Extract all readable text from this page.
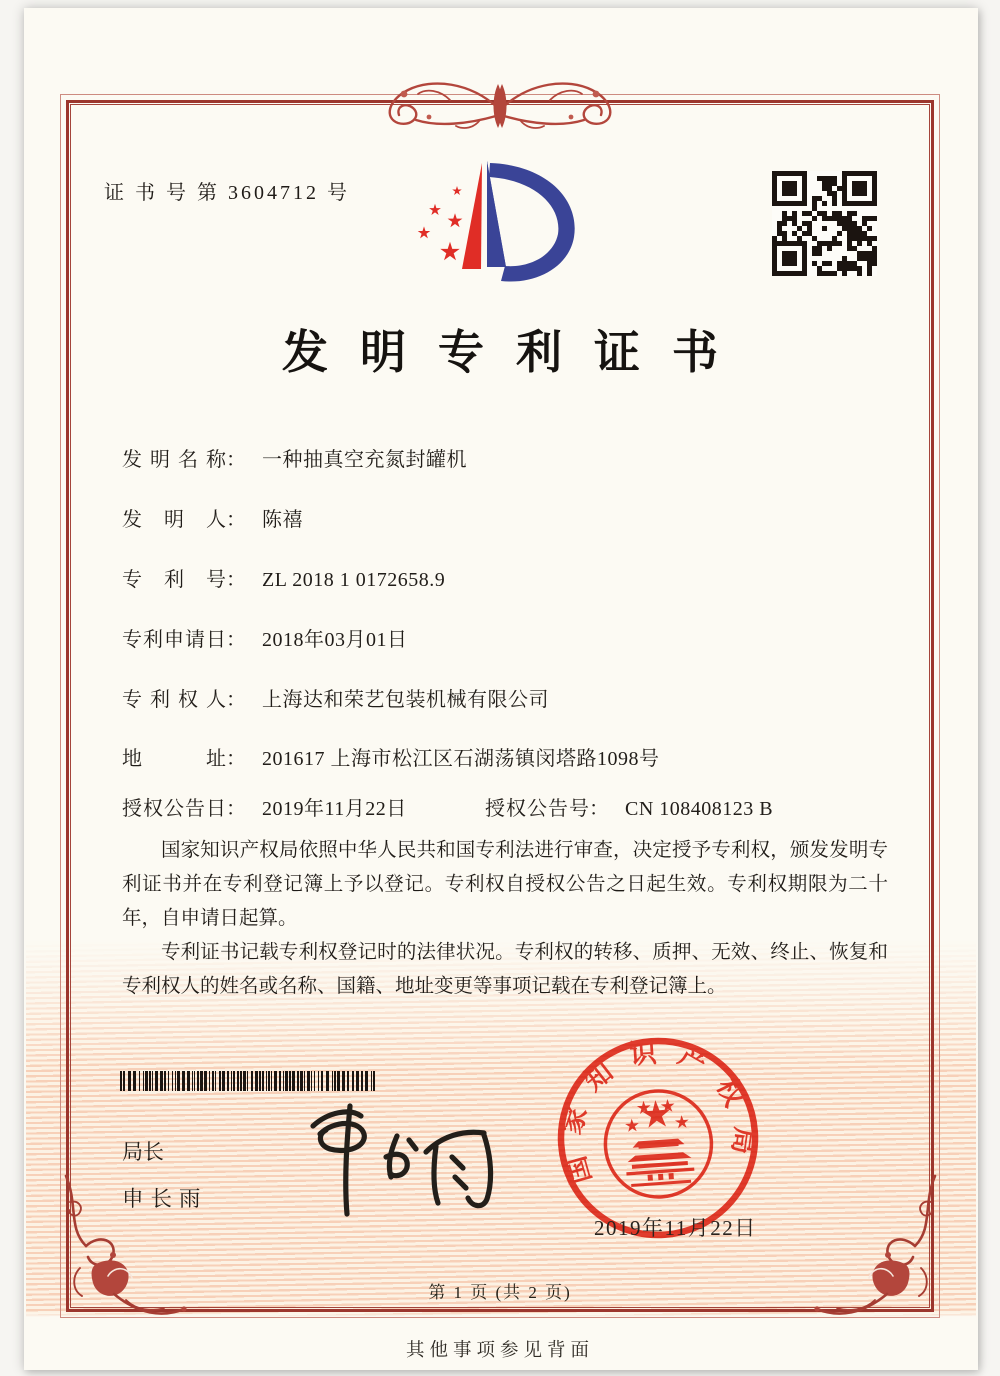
证 书 号 第 3604712 号
发明专利证书
发 明 名 称 ： 一种抽真空充氮封罐机
发 明 人 ： 陈禧
专 利 号 ： ZL 2018 1 0172658.9
专 利 申 请 日 ： 2018年03月01日
专 利 权 人 ： 上海达和荣艺包装机械有限公司
地	址 ： 201617 上海市松江区石湖荡镇闵塔路1098号
授 权 公 告 日 ： 2019年11月22日	授 权 公 告 号 ： CN 108408123 B

国家知识产权局依照中华人民共和国专利法进行审查，决定授予专利权，颁发发明专利证书并在专利登记簿上予以登记。专利权自授权公告之日起生效。专利权期限为二十年，自申请日起算。

专利证书记载专利权登记时的法律状况。专利权的转移、质押、无效、终止、恢复和专利权人的姓名或名称、国籍、地址变更等事项记载在专利登记簿上。

局长
申长雨
国家知识产权局
2019年11月22日
第 1 页 (共 2 页)
其他事项参见背面
